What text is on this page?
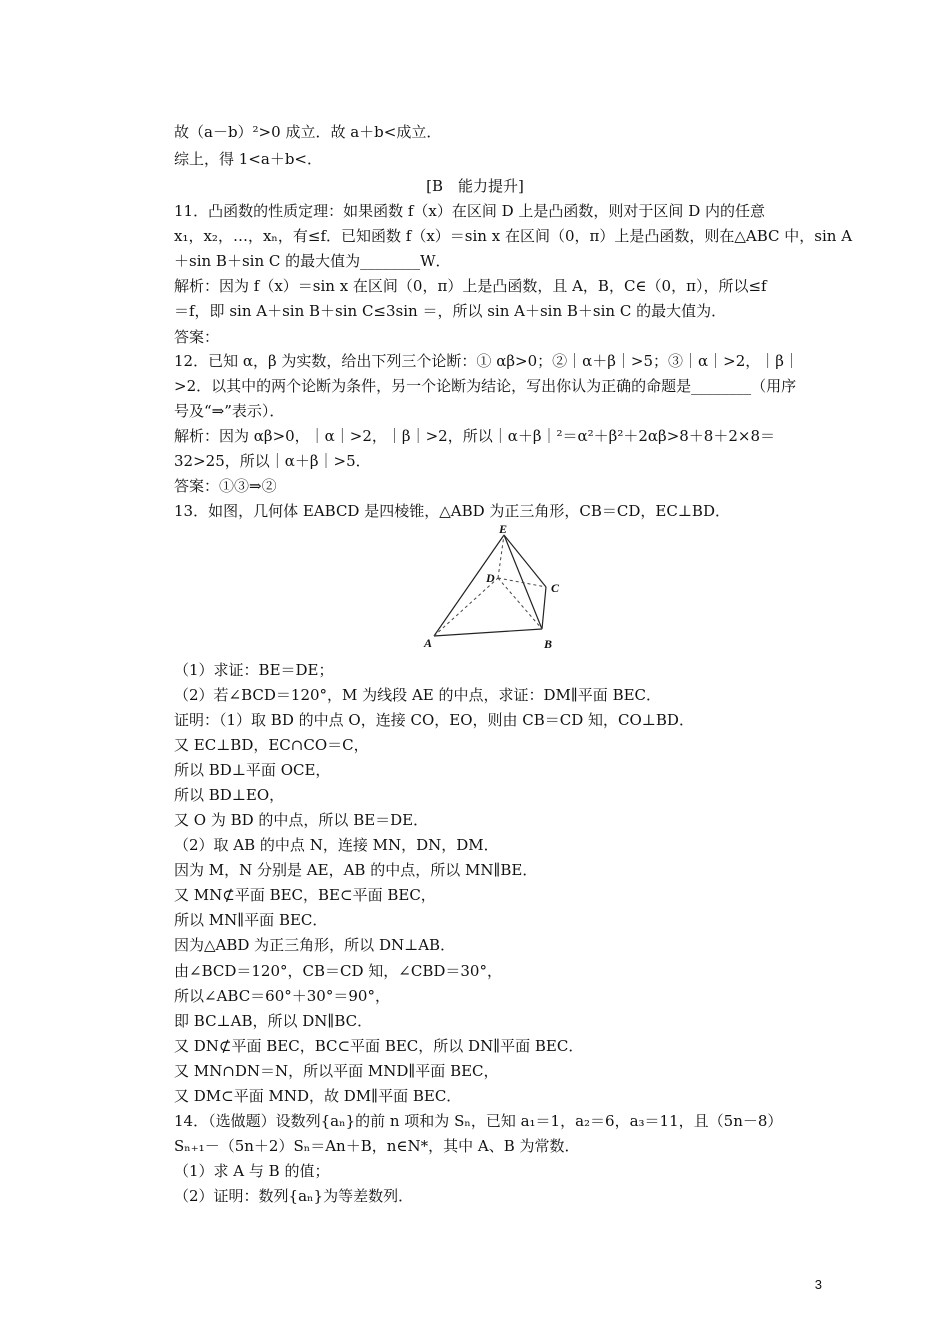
故（a－b）²>0 成立．故 a＋b<成立．
综上，得 1<a＋b<．
[B　能力提升]
11．凸函数的性质定理：如果函数 f（x）在区间 D 上是凸函数，则对于区间 D 内的任意
x₁，x₂，…，xₙ，有≤f．已知函数 f（x）＝sin x 在区间（0，π）上是凸函数，则在△ABC 中，sin A
＋sin B＋sin C 的最大值为________W．
解析：因为 f（x）＝sin x 在区间（0，π）上是凸函数，且 A，B，C∈（0，π），所以≤f
＝f，即 sin A＋sin B＋sin C≤3sin ＝，所以 sin A＋sin B＋sin C 的最大值为．
答案：
12．已知 α，β 为实数，给出下列三个论断：① αβ>0；②｜α＋β｜>5；③｜α｜>2，｜β｜
>2．以其中的两个论断为条件，另一个论断为结论，写出你认为正确的命题是________（用序
号及“⇒”表示）．
解析：因为 αβ>0，｜α｜>2，｜β｜>2，所以｜α＋β｜²＝α²＋β²＋2αβ>8＋8＋2×8＝
32>25，所以｜α＋β｜>5．
答案：①③⇒②
13．如图，几何体 EABCD 是四棱锥，△ABD 为正三角形，CB＝CD，EC⊥BD．
E
D
C
A	B
（1）求证：BE＝DE；
（2）若∠BCD＝120°，M 为线段 AE 的中点，求证：DM∥平面 BEC．
证明：（1）取 BD 的中点 O，连接 CO，EO，则由 CB＝CD 知，CO⊥BD．
又 EC⊥BD，EC∩CO＝C，
所以 BD⊥平面 OCE，
所以 BD⊥EO，
又 O 为 BD 的中点，所以 BE＝DE．
（2）取 AB 的中点 N，连接 MN，DN，DM．
因为 M，N 分别是 AE，AB 的中点，所以 MN∥BE．
又 MN⊄平面 BEC，BE⊂平面 BEC，
所以 MN∥平面 BEC．
因为△ABD 为正三角形，所以 DN⊥AB．
由∠BCD＝120°，CB＝CD 知，∠CBD＝30°，
所以∠ABC＝60°＋30°＝90°，
即 BC⊥AB，所以 DN∥BC．
又 DN⊄平面 BEC，BC⊂平面 BEC，所以 DN∥平面 BEC．
又 MN∩DN＝N，所以平面 MND∥平面 BEC，
又 DM⊂平面 MND，故 DM∥平面 BEC．
14．（选做题）设数列{aₙ}的前 n 项和为 Sₙ，已知 a₁＝1，a₂＝6，a₃＝11，且（5n－8）
Sₙ₊₁－（5n＋2）Sₙ＝An＋B，n∈N*，其中 A、B 为常数．
（1）求 A 与 B 的值；
（2）证明：数列{aₙ}为等差数列．
3
